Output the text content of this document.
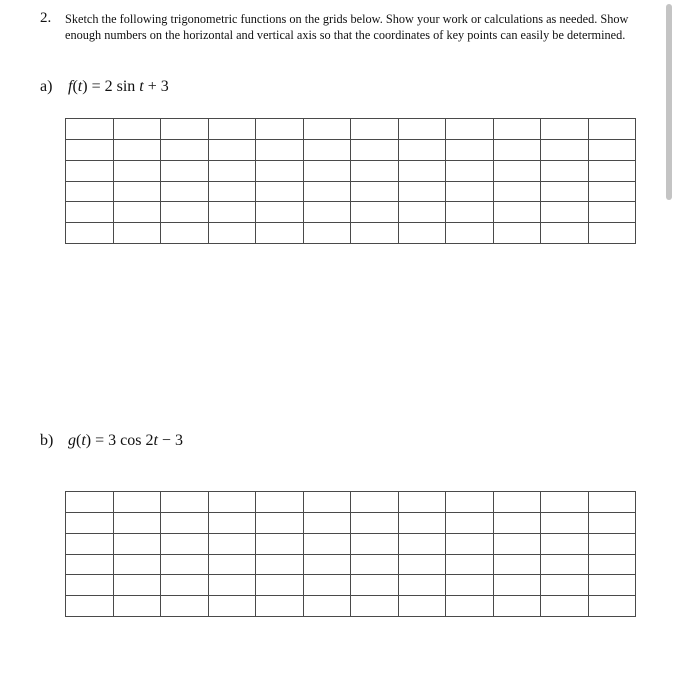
2. Sketch the following trigonometric functions on the grids below. Show your work or calculations as needed. Show enough numbers on the horizontal and vertical axis so that the coordinates of key points can easily be determined.
a) f(t) = 2 sin t + 3
b) g(t) = 3 cos 2t − 3
